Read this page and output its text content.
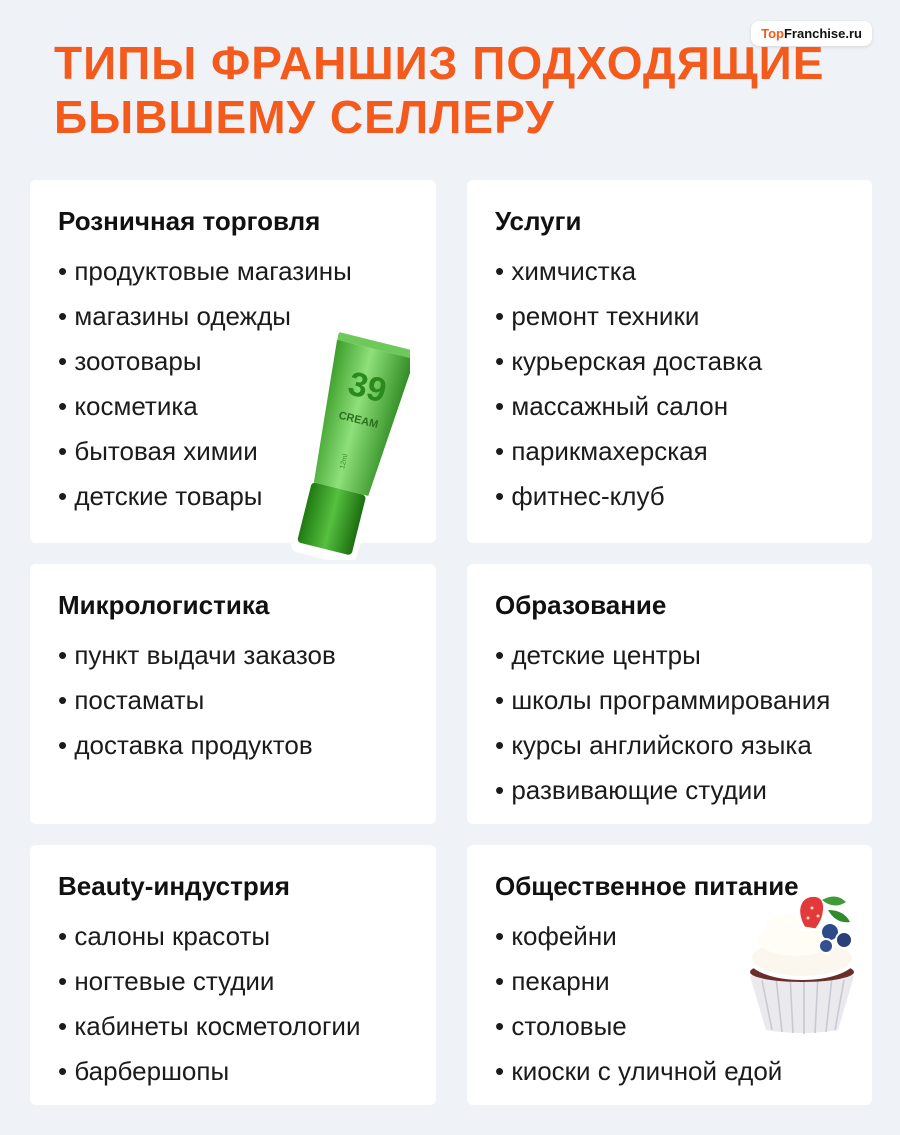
TopFranchise.ru
ТИПЫ ФРАНШИЗ ПОДХОДЯЩИЕ
БЫВШЕМУ СЕЛЛЕРУ
Розничная торговля
• продуктовые магазины
• магазины одежды
• зоотовары
• косметика
• бытовая химии
• детские товары
Услуги
• химчистка
• ремонт техники
• курьерская доставка
• массажный салон
• парикмахерская
• фитнес-клуб
Микрологистика
• пункт выдачи заказов
• постаматы
• доставка продуктов
Образование
• детские центры
• школы программирования
• курсы английского языка
• развивающие студии
Beauty-индустрия
• салоны красоты
• ногтевые студии
• кабинеты косметологии
• барбершопы
Общественное питание
• кофейни
• пекарни
• столовые
• киоски с уличной едой
39
CREAM
12ml
